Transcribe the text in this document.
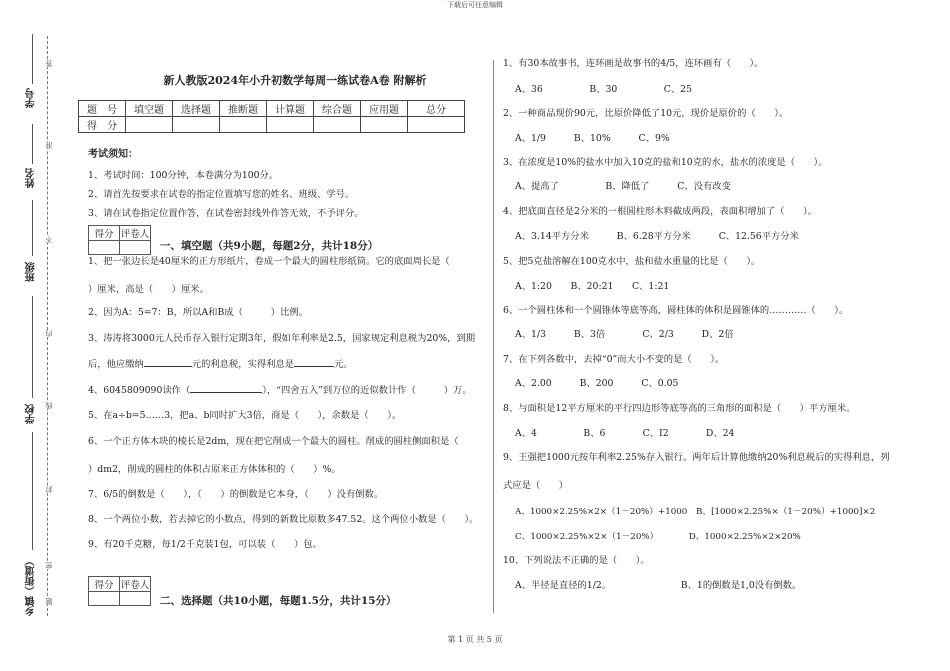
下载后可任意编辑
学号
姓名
班级
学校
乡镇（街道） 密
封
线
内
不
准
答
题
新人教版2024年小升初数学每周一练试卷A卷 附解析
题　号	填空题	选择题	推断题	计算题	综合题	应用题	总分
得　分							
考试须知：
1、考试时间：100分钟，本卷满分为100分。
2、请首先按要求在试卷的指定位置填写您的姓名、班级、学号。
3、请在试卷指定位置作答，在试卷密封线外作答无效，不予评分。
得分	评卷人

一、填空题（共9小题，每题2分，共计18分）
1、把一张边长是40厘米的正方形纸片，卷成一个最大的圆柱形纸筒。它的底面周长是（
）厘米，高是（　　）厘米。
2、因为A：5=7：B，所以A和B成（　　　）比例。
3、涛涛将3000元人民币存入银行定期3年，假如年利率是2.5，国家规定利息税为20%，到期
后，他应缴纳	元的利息税，实得利息是	元。
4、6045809090读作（	），“四舍五入”到万位的近似数计作（　　　）万。
5、在a÷b=5……3，把a、b同时扩大3倍，商是（　　），余数是（　　）。
6、一个正方体木块的棱长是2dm，现在把它削成一个最大的圆柱。削成的圆柱侧面积是（
）dm2，削成的圆柱的体积占原来正方体体积的（　　）%。
7、6/5的倒数是（　　），（　　）的倒数是它本身，（　　）没有倒数。
8、一个两位小数，若去掉它的小数点，得到的新数比原数多47.52。这个两位小数是（　　）。
9、有20千克糖，每1/2千克装1包，可以装（　　）包。
得分	评卷人

二、选择题（共10小题，每题1.5分，共计15分）
1、有30本故事书，连环画是故事书的4/5，连环画有（　　）。
A、36　　　　　B、30　　　　　C、25
2、一种商品现价90元，比原价降低了10元，现价是原价的（　　）。
A、1/9　　　B、10%　　　C、9%
3、在浓度是10%的盐水中加入10克的盐和10克的水，盐水的浓度是（　　）。
A、提高了　　　　　B、降低了　　　C、没有改变
4、把底面直径是2分米的一根圆柱形木料截成两段，表面积增加了（　　）。
A、3.14平方分米　　　B、6.28平方分米　　　C、12.56平方分米
5、把5克盐溶解在100克水中，盐和盐水重量的比是（　　）。
A、1:20　　B、20:21　　C、1:21
6、一个圆柱体和一个圆锥体等底等高，圆柱体的体积是圆锥体的…………（　　）。
A、1/3　　　B、3倍　　　　C、2/3　　　D、2倍
7、在下列各数中，去掉“0”而大小不变的是（　　）。
A、2.00　　　B、200　　　C、0.05
8、与面积是12平方厘米的平行四边形等底等高的三角形的面积是（　　）平方厘米。
A、4　　　　　B、6　　　　C、I2　　　　D、24
9、王强把1000元按年利率2.25%存入银行。两年后计算他缴纳20%利息税后的实得利息，列
式应是（　　）
A、1000×2.25%×2×（1－20%）+1000　B、[1000×2.25%×（1－20%）+1000]×2
C、1000×2.25%×2×（1－20%）　　　　D、1000×2.25%×2×20%
10、下列说法不正确的是（　　）。
A、半径是直径的1/2。　　　　　　　　B、1的倒数是1,0没有倒数。
第 1 页 共 5 页
